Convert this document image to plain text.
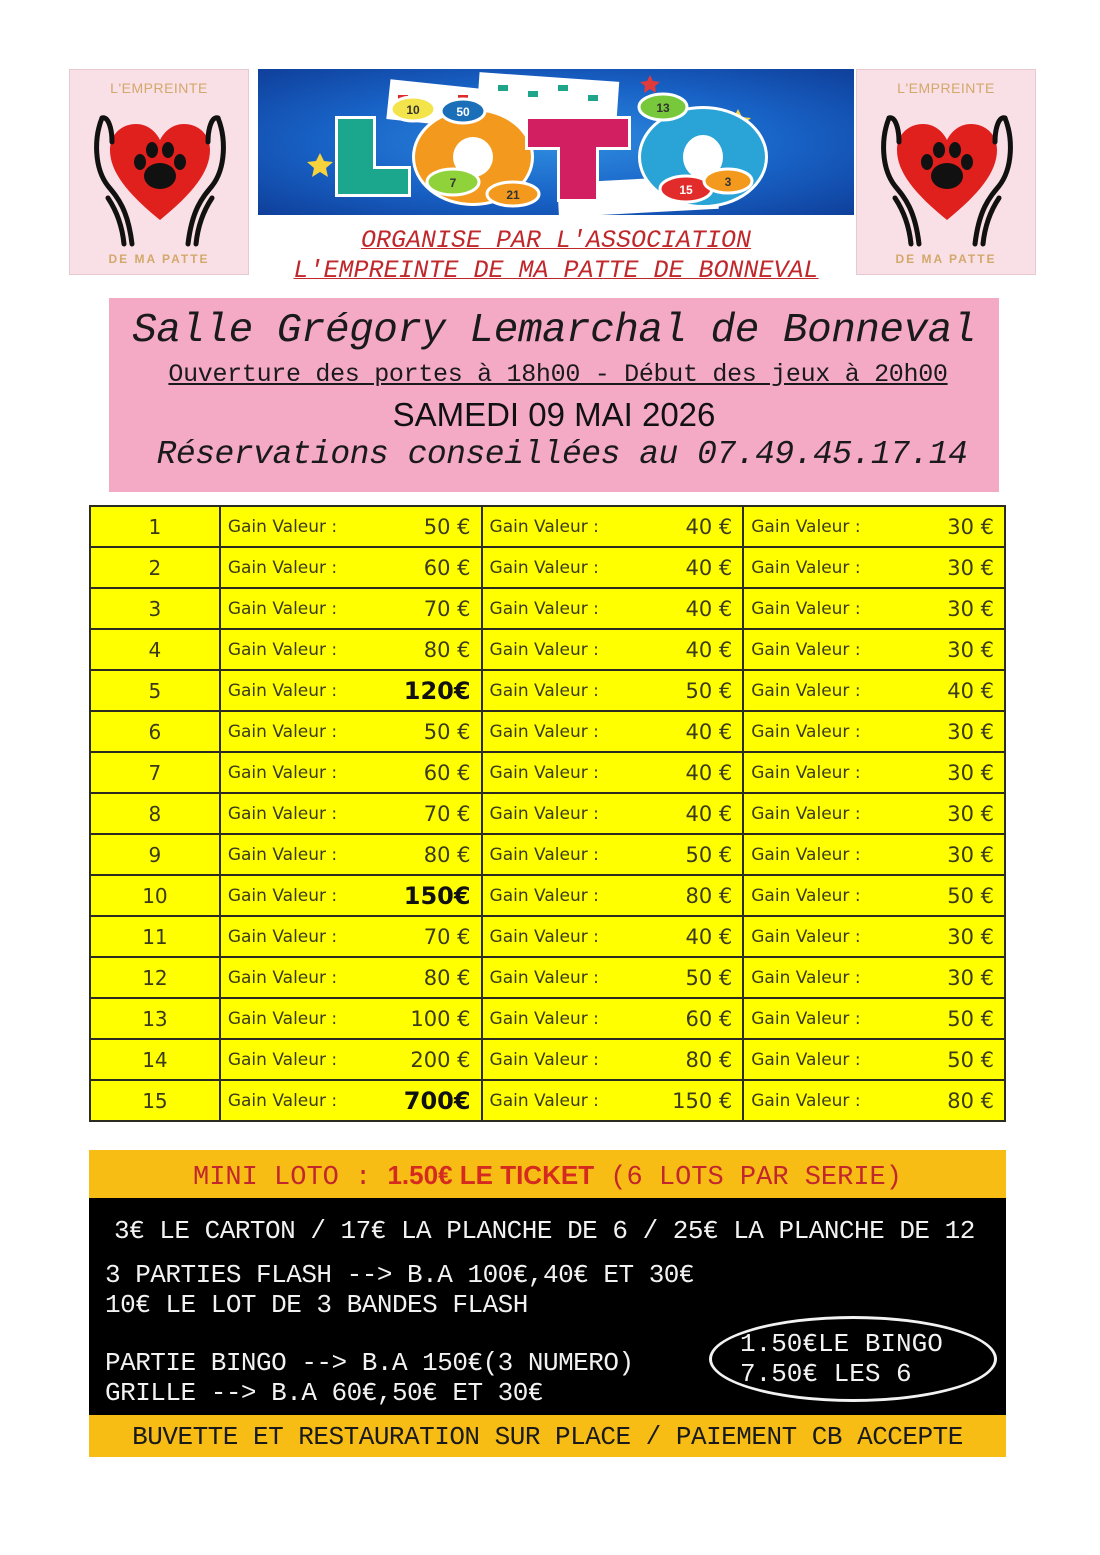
L'EMPREINTE
DE MA PATTE
10	50	13
7
21	15
3
L'EMPREINTE
DE MA PATTE
ORGANISE PAR L'ASSOCIATION
L'EMPREINTE DE MA PATTE DE BONNEVAL
Salle Grégory Lemarchal de Bonneval
Ouverture des portes à 18h00 - Début des jeux à 20h00
SAMEDI 09 MAI 2026
Réservations conseillées au 07.49.45.17.14
1	Gain Valeur : 50 €	Gain Valeur : 40 €	Gain Valeur : 30 €

2	Gain Valeur : 60 €	Gain Valeur : 40 €	Gain Valeur : 30 €

3	Gain Valeur : 70 €	Gain Valeur : 40 €	Gain Valeur : 30 €

4	Gain Valeur : 80 €	Gain Valeur : 40 €	Gain Valeur : 30 €

5	Gain Valeur : 120€	Gain Valeur : 50 €	Gain Valeur : 40 €

6	Gain Valeur : 50 €	Gain Valeur : 40 €	Gain Valeur : 30 €

7	Gain Valeur : 60 €	Gain Valeur : 40 €	Gain Valeur : 30 €

8	Gain Valeur : 70 €	Gain Valeur : 40 €	Gain Valeur : 30 €

9	Gain Valeur : 80 €	Gain Valeur : 50 €	Gain Valeur : 30 €

10	Gain Valeur : 150€	Gain Valeur : 80 €	Gain Valeur : 50 €

11	Gain Valeur : 70 €	Gain Valeur : 40 €	Gain Valeur : 30 €

12	Gain Valeur : 80 €	Gain Valeur : 50 €	Gain Valeur : 30 €

13	Gain Valeur : 100 €	Gain Valeur : 60 €	Gain Valeur : 50 €

14	Gain Valeur : 200 €	Gain Valeur : 80 €	Gain Valeur : 50 €

15	Gain Valeur : 700€	Gain Valeur : 150 €	Gain Valeur : 80 €
MINI LOTO : 1.50€ LE TICKET (6 LOTS PAR SERIE)
3€ LE CARTON / 17€ LA PLANCHE DE 6 / 25€ LA PLANCHE DE 12
3 PARTIES FLASH --> B.A 100€,40€ ET 30€
10€ LE LOT DE 3 BANDES FLASH
PARTIE BINGO --> B.A 150€(3 NUMERO)
GRILLE --> B.A 60€,50€ ET 30€
1.50€LE BINGO
7.50€ LES 6
BUVETTE ET RESTAURATION SUR PLACE / PAIEMENT CB ACCEPTE
